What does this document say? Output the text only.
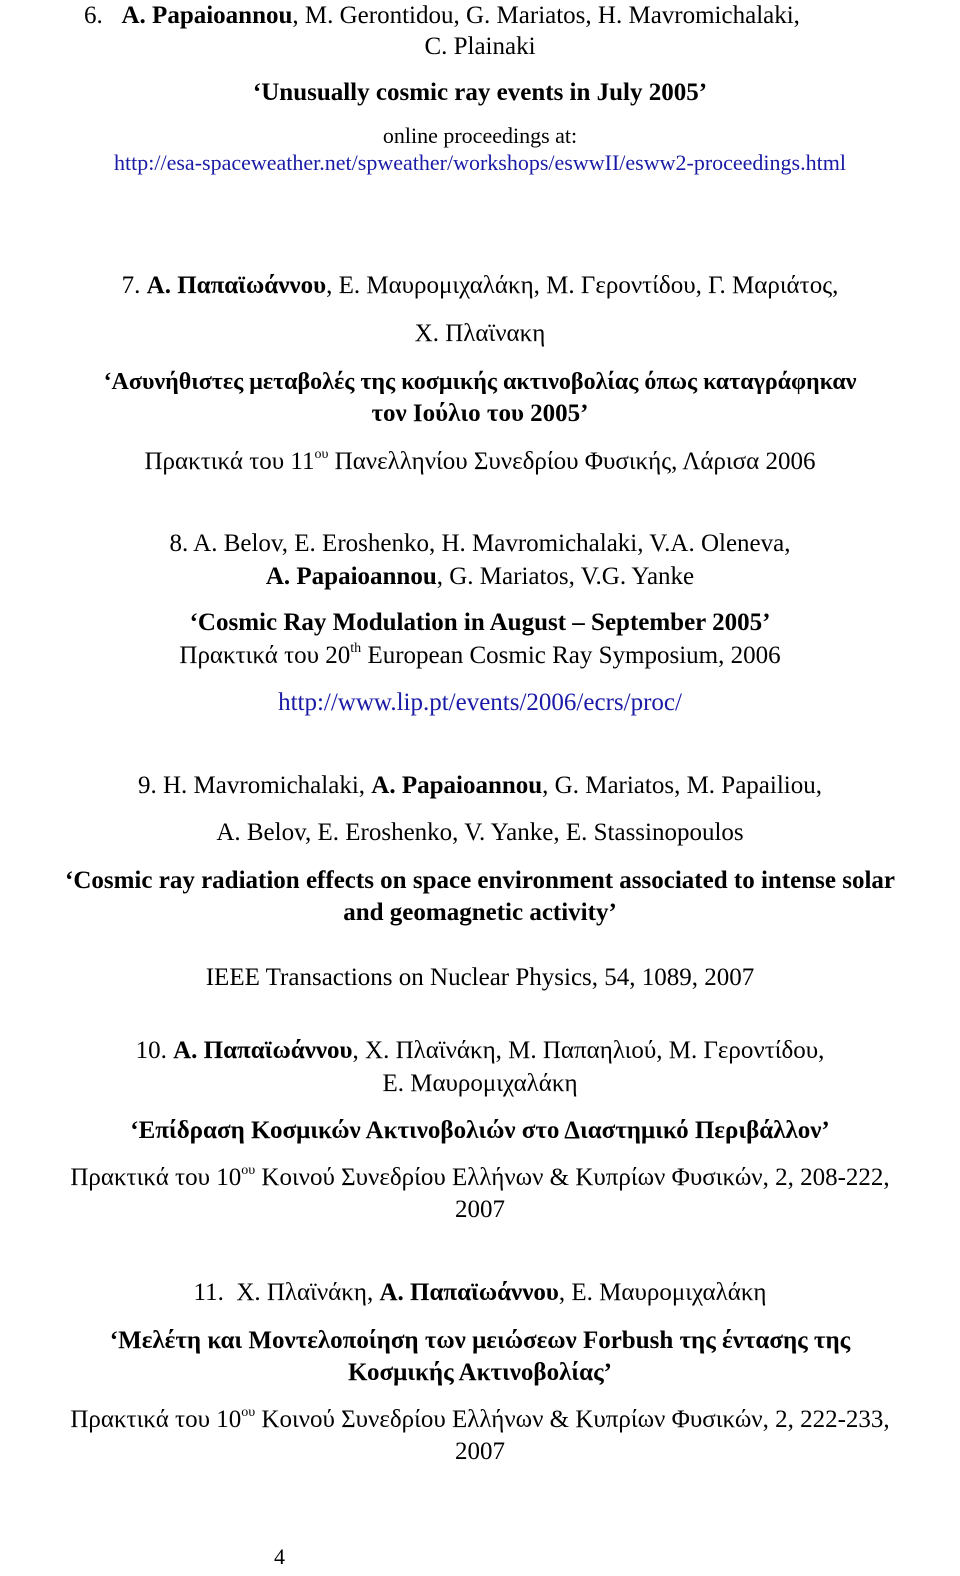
6. A. Papaioannou, M. Gerontidou, G. Mariatos, H. Mavromichalaki,
C. Plainaki
‘Unusually cosmic ray events in July 2005’
online proceedings at:
http://esa-spaceweather.net/spweather/workshops/eswwII/esww2-proceedings.html
7. Α. Παπαϊωάννου, Ε. Μαυρομιχαλάκη, Μ. Γεροντίδου, Γ. Μαριάτος,
Χ. Πλαϊνακη
‘Ασυνήθιστες μεταβολές της κοσμικής ακτινοβολίας όπως καταγράφηκαν
τον Ιούλιο του 2005’
Πρακτικά του $11^{o\upsilon}$ Πανελληνίου Συνεδρίου Φυσικής, Λάρισα 2006
8. A. Belov, E. Eroshenko, H. Mavromichalaki, V.A. Oleneva,
A. Papaioannou, G. Mariatos, V.G. Yanke
‘Cosmic Ray Modulation in August – September 2005’
Πρακτικά του 20th European Cosmic Ray Symposium, 2006
http://www.lip.pt/events/2006/ecrs/proc/
9. H. Mavromichalaki, A. Papaioannou, G. Mariatos, M. Papailiou,
A. Belov, E. Eroshenko, V. Yanke, E. Stassinopoulos
‘Cosmic ray radiation effects on space environment associated to intense solar
and geomagnetic activity’
IEEE Transactions on Nuclear Physics, 54, 1089, 2007
10. Α. Παπαϊωάννου, Χ. Πλαϊνάκη, Μ. Παπαηλιού, Μ. Γεροντίδου,
Ε. Μαυρομιχαλάκη
‘Επίδραση Κοσμικών Ακτινοβολιών στο Διαστημικό Περιβάλλον’
Πρακτικά του $10^{o\upsilon}$ Κοινού Συνεδρίου Ελλήνων & Κυπρίων Φυσικών, 2, 208-222,
2007
11. Χ. Πλαϊνάκη, Α. Παπαϊωάννου, Ε. Μαυρομιχαλάκη
‘Μελέτη και Μοντελοποίηση των μειώσεων Forbush της έντασης της
Κοσμικής Ακτινοβολίας’
Πρακτικά του $10^{o\upsilon}$ Κοινού Συνεδρίου Ελλήνων & Κυπρίων Φυσικών, 2, 222-233,
2007
4
